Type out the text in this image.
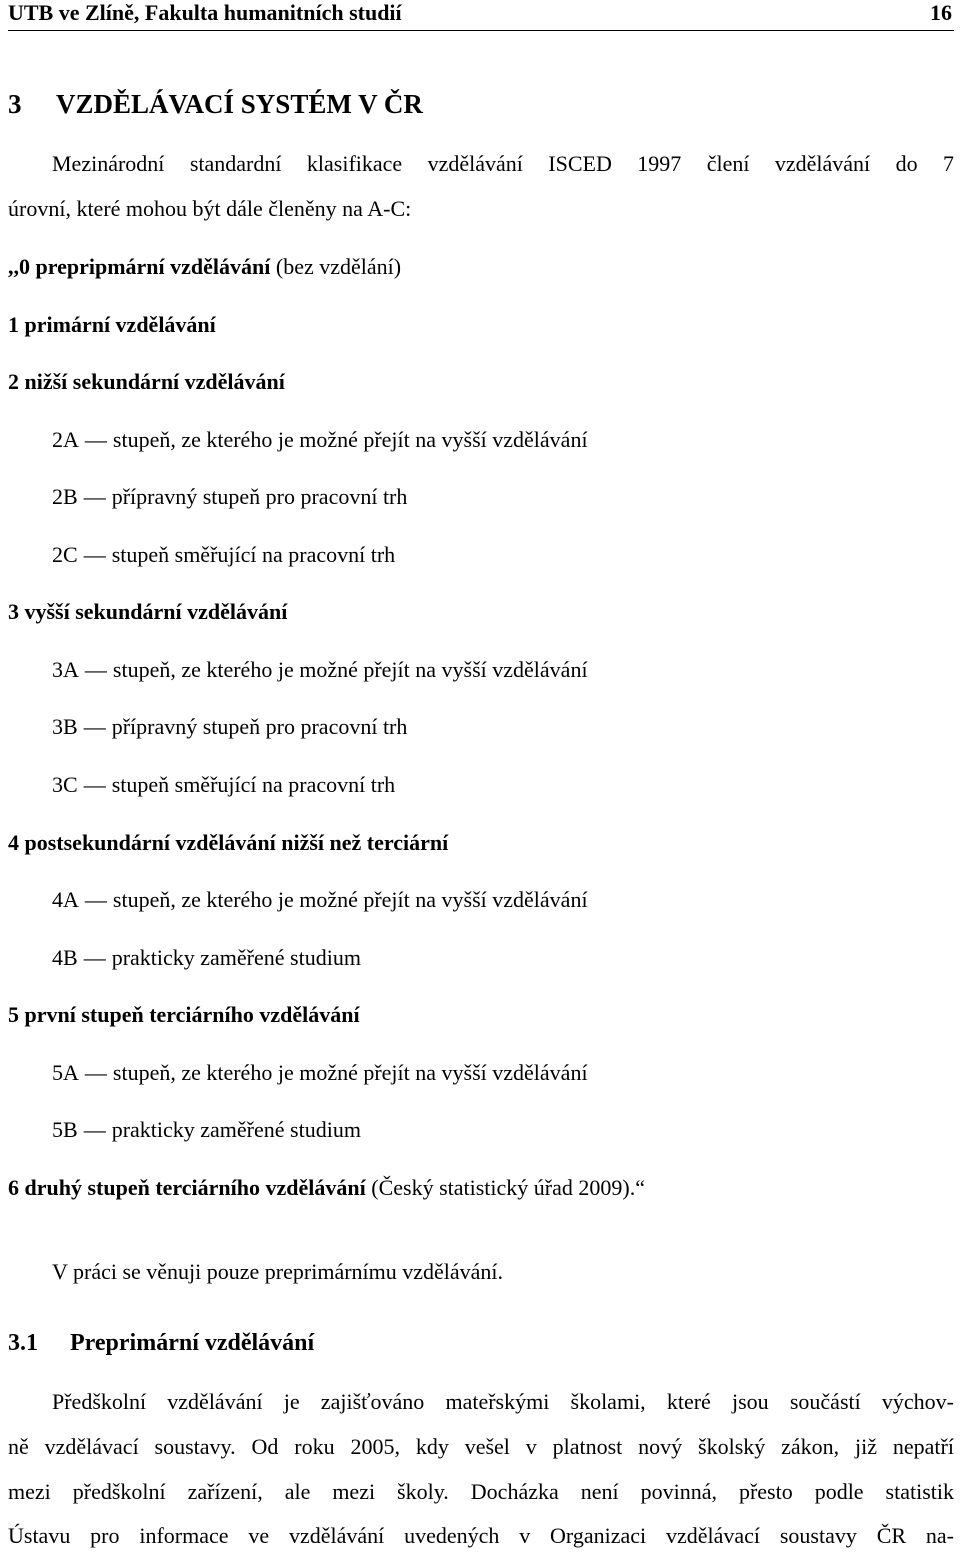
UTB ve Zlíně, Fakulta humanitních studií	16
3 VZDĚLÁVACÍ SYSTÉM V ČR
Mezinárodní standardní klasifikace vzdělávání ISCED 1997 člení vzdělávání do 7
úrovní, které mohou být dále členěny na A-C:
,,0 prepripmární vzdělávání (bez vzdělání)
1 primární vzdělávání
2 nižší sekundární vzdělávání
2A — stupeň, ze kterého je možné přejít na vyšší vzdělávání
2B — přípravný stupeň pro pracovní trh
2C — stupeň směřující na pracovní trh
3 vyšší sekundární vzdělávání
3A — stupeň, ze kterého je možné přejít na vyšší vzdělávání
3B — přípravný stupeň pro pracovní trh
3C — stupeň směřující na pracovní trh
4 postsekundární vzdělávání nižší než terciární
4A — stupeň, ze kterého je možné přejít na vyšší vzdělávání
4B — prakticky zaměřené studium
5 první stupeň terciárního vzdělávání
5A — stupeň, ze kterého je možné přejít na vyšší vzdělávání
5B — prakticky zaměřené studium
6 druhý stupeň terciárního vzdělávání (Český statistický úřad 2009).“
V práci se věnuji pouze preprimárnímu vzdělávání.
3.1 Preprimární vzdělávání
Předškolní vzdělávání je zajišťováno mateřskými školami, které jsou součástí výchov-
ně vzdělávací soustavy. Od roku 2005, kdy vešel v platnost nový školský zákon, již nepatří
mezi předškolní zařízení, ale mezi školy. Docházka není povinná, přesto podle statistik
Ústavu pro informace ve vzdělávání uvedených v Organizaci vzdělávací soustavy ČR na-
